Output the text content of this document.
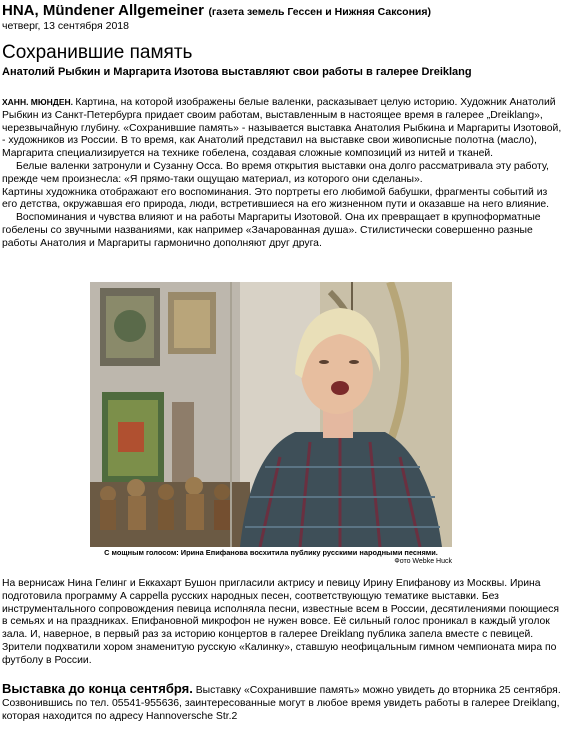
HNA, Mündener Allgemeiner (газета земель Гессен и Нижняя Саксония)
четверг, 13 сентября 2018
Сохранившие память
Анатолий Рыбкин и Маргарита Изотова выставляют свои работы в галерее Dreiklang

ХАНН. МЮНДЕН. Картина, на которой изображены белые валенки, расказывает целую историю. Художник Анатолий Рыбкин из Санкт-Петербурга придает своим работам, выставленным в настоящее время в галерее „Dreiklang», черезвычайную глубину. «Сохранившие память» - называется выставка Анатолия Рыбкина и Маргариты Изотовой, - художников из России. В то время, как Анатолий представил на выставке свои живописные полотна (масло), Маргарита специализируется на техникe гобелена, создавая сложные композиций из нитей и тканей.

Белые валенки затронули и Сузанну Осса. Во время открытия выставки она долго рассматривала эту работу, прежде чем произнесла: «Я прямо-таки ощущаю материал, из которого они сделаны».

Картины художника отображают его воспоминания. Это портреты его любимой бабушки, фрагменты событий из его детства, окружавшая его природа, люди, встретившиеся на его жизненном пути и оказавше на него влияние.

Воспоминания и чувства влияют и на работы Маргариты Изотовой. Она их превращает в крупноформатные гобелены со звучными названиями, как например «Зачарованная душа». Стилистически совершенно разные работы Анатолия и Маргариты гармонично дополняют друг друга.

С мощным голосом: Ирина Епифанова восхитила публику русскими народными песнями.
Фото Webke Huck

На вернисаж Нина Гелинг и Еккахарт Бушон пригласили актрису и певицу Ирину Епифанову из Москвы. Ирина подготовила программу А cappella русских народных песен, соответствующую тематике выставки. Без инструментального сопровождения певица исполняла песни, известные всем в России, десятилениями поющиеся в семьях и на праздниках. Епифановной микрофон не нужен вовсе. Её сильный голос проникал в каждый уголок зала. И, наверное, в первый раз за историю концертов в галерее Dreiklang публика запела вместе с певицей. Зрители подхватили хором знаменитую русскую «Калинку», ставшую неофицальным гимном чемпионата мира по футболу в России.

Выставка до конца сентября. Выставку «Сохранившие память» можно увидеть до вторника 25 сентября. Созвонившись по тел. 05541-955636, заинтересованные могут в любое время увидеть работы в галерее Dreiklang, которая находится по адресу Hannoversche Str.2
